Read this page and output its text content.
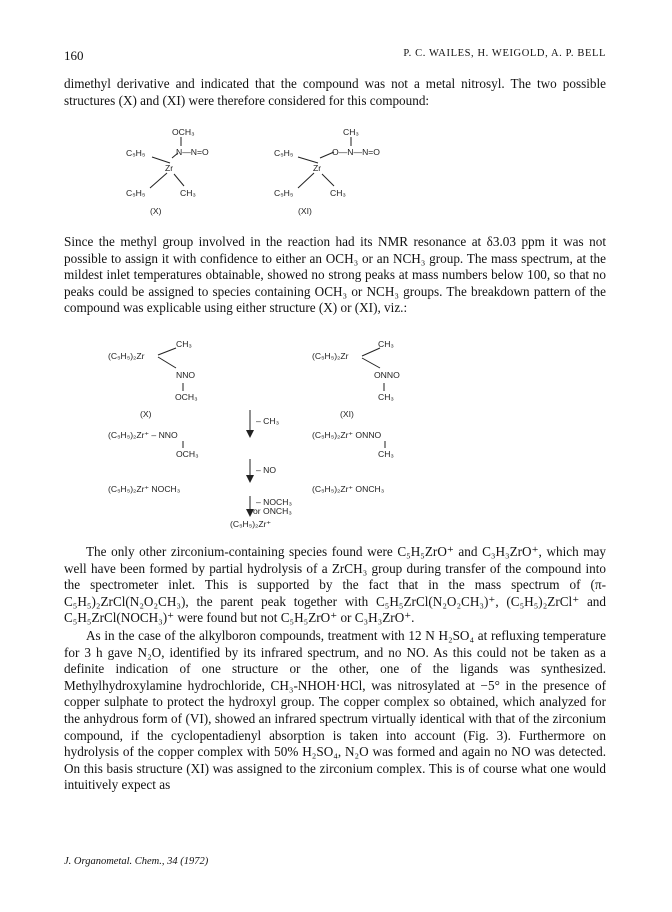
160	P. C. WAILES, H. WEIGOLD, A. P. BELL
dimethyl derivative and indicated that the compound was not a metal nitrosyl. The two possible structures (X) and (XI) were therefore considered for this compound:
OCH₃
N—N=O
C₅H₅
Zr
C₅H₅	CH₃
(X)
CH₃
O—N—N=O
C₅H₅
Zr
C₅H₅	CH₃
(XI)
Since the methyl group involved in the reaction had its NMR resonance at δ3.03 ppm it was not possible to assign it with confidence to either an OCH₃ or an NCH₃ group. The mass spectrum, at the mildest inlet temperatures obtainable, showed no strong peaks at mass numbers below 100, so that no peaks could be assigned to species containing OCH₃ or NCH₃ groups. The breakdown pattern of the compound was explicable using either structure (X) or (XI), viz.:
CH₃
(C₅H₅)₂Zr
NNO
OCH₃
(X)
CH₃
(C₅H₅)₂Zr
ONNO
CH₃
(XI)
– CH₃
(C₅H₅)₂Zr⁺ – NNO
OCH₃
(C₅H₅)₂Zr⁺ ONNO
CH₃
– NO
(C₅H₅)₂Zr⁺ NOCH₃	(C₅H₅)₂Zr⁺ ONCH₃
– NOCH₃
or ONCH₃
(C₅H₅)₂Zr⁺
The only other zirconium-containing species found were C₅H₅ZrO⁺ and C₃H₃ZrO⁺, which may well have been formed by partial hydrolysis of a ZrCH₃ group during transfer of the compound into the spectrometer inlet. This is supported by the fact that in the mass spectrum of (π-C₅H₅)₂ZrCl(N₂O₂CH₃), the parent peak together with C₅H₅ZrCl(N₂O₂CH₃)⁺, (C₅H₅)₂ZrCl⁺ and C₅H₅ZrCl(NOCH₃)⁺ were found but not C₅H₅ZrO⁺ or C₃H₃ZrO⁺.
As in the case of the alkylboron compounds, treatment with 12 N H₂SO₄ at refluxing temperature for 3 h gave N₂O, identified by its infrared spectrum, and no NO. As this could not be taken as a definite indication of one structure or the other, one of the ligands was synthesized. Methylhydroxylamine hydrochloride, CH₃-NHOH·HCl, was nitrosylated at −5° in the presence of copper sulphate to protect the hydroxyl group. The copper complex so obtained, which analyzed for the anhydrous form of (VI), showed an infrared spectrum virtually identical with that of the zirconium compound, if the cyclopentadienyl absorption is taken into account (Fig. 3). Furthermore on hydrolysis of the copper complex with 50% H₂SO₄, N₂O was formed and again no NO was detected. On this basis structure (XI) was assigned to the zirconium complex. This is of course what one would intuitively expect as
J. Organometal. Chem., 34 (1972)
